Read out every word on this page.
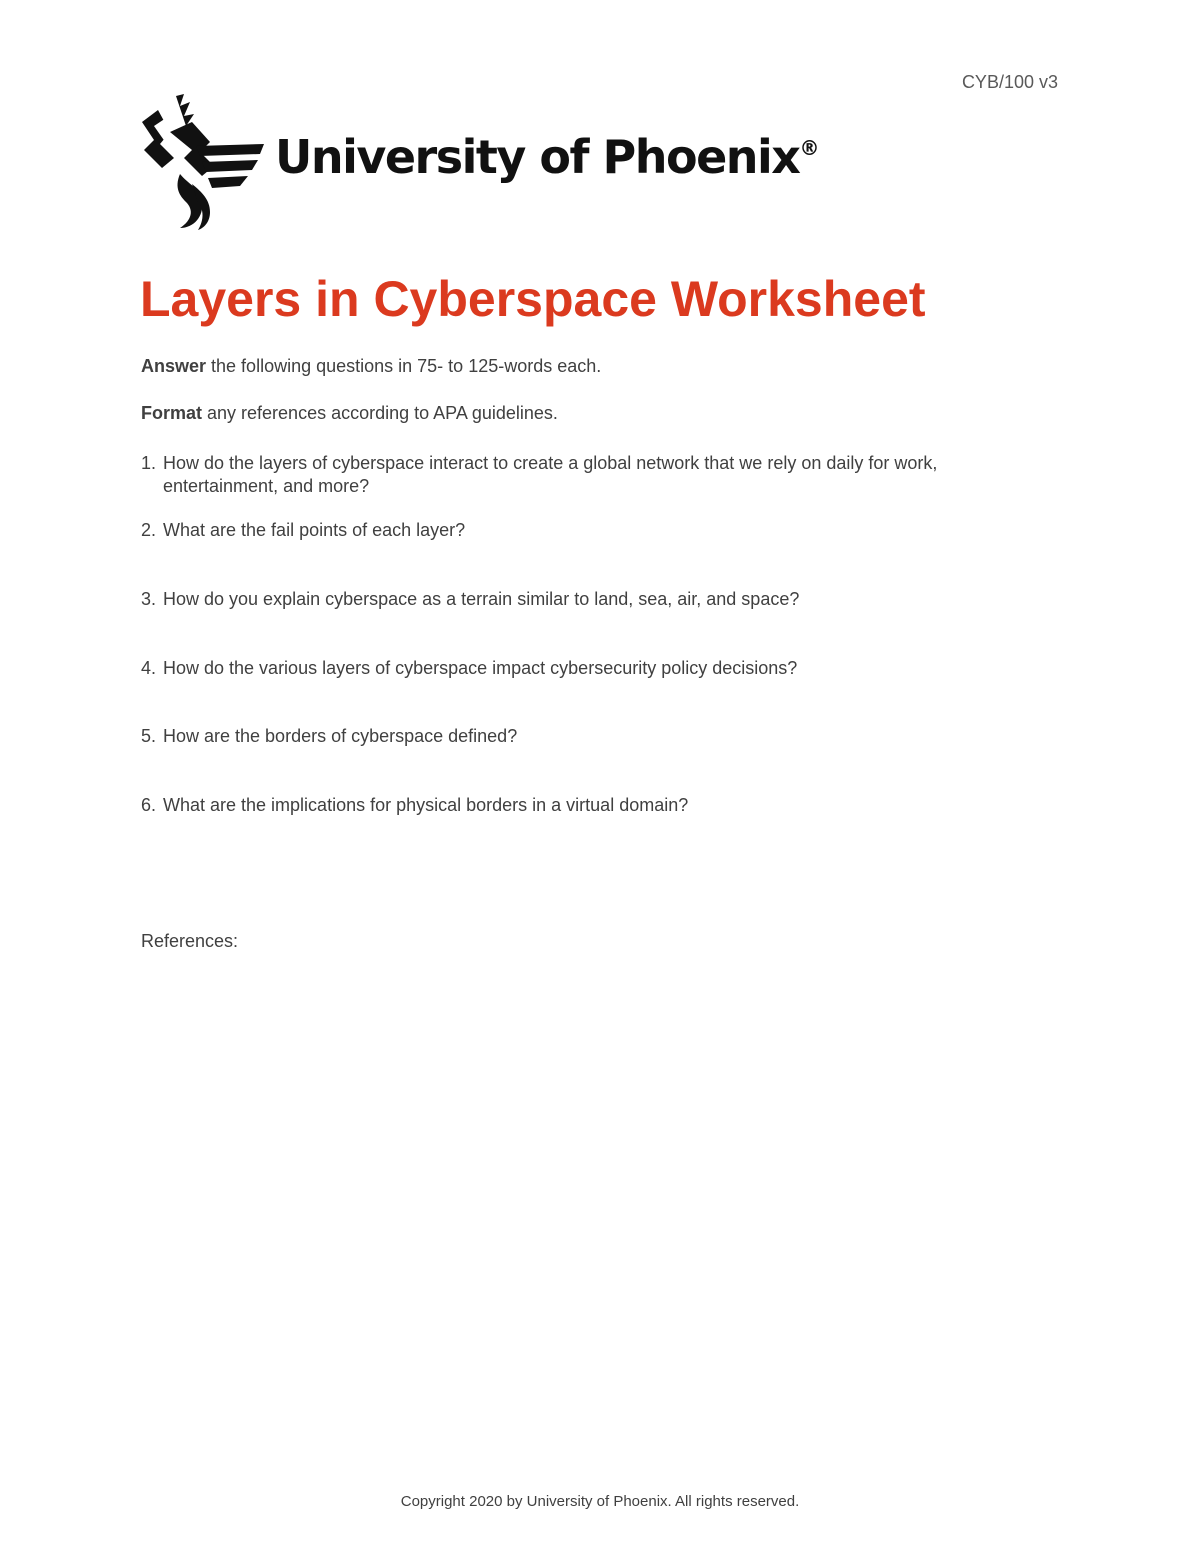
CYB/100 v3
University of Phoenix®
Layers in Cyberspace Worksheet

Answer the following questions in 75- to 125-words each.

Format any references according to APA guidelines.

1. How do the layers of cyberspace interact to create a global network that we rely on daily for work, entertainment, and more?
2. What are the fail points of each layer?
3. How do you explain cyberspace as a terrain similar to land, sea, air, and space?
4. How do the various layers of cyberspace impact cybersecurity policy decisions?
5. How are the borders of cyberspace defined?
6. What are the implications for physical borders in a virtual domain?
References:
Copyright 2020 by University of Phoenix. All rights reserved.
